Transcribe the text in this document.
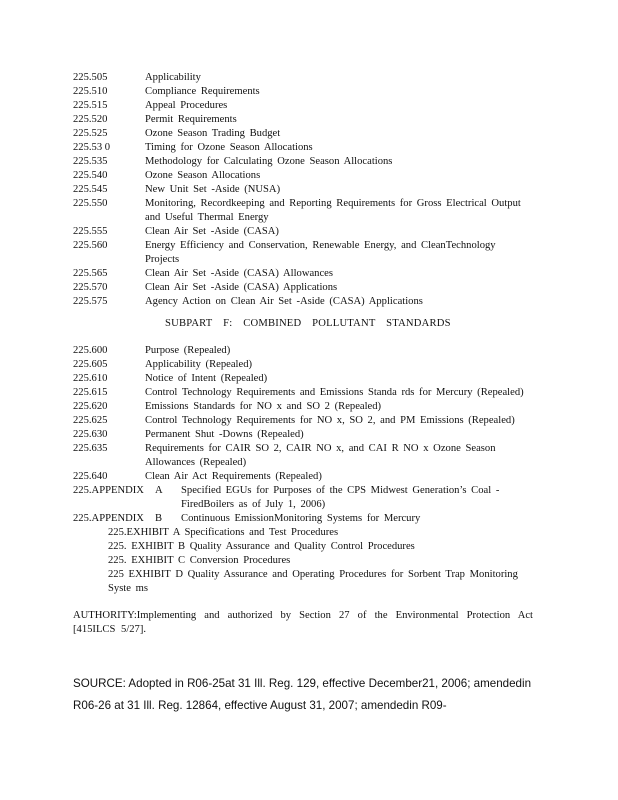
225.505	Applicability
225.510	Compliance Requirements
225.515	Appeal Procedures
225.520	Permit Requirements
225.525	Ozone Season Trading Budget
225.53 0	Timing for Ozone Season Allocations
225.535	Methodology for Calculating Ozone Season Allocations
225.540	Ozone Season Allocations
225.545	New Unit Set -Aside (NUSA)
225.550	Monitoring, Recordkeeping and Reporting Requirements for Gross Electrical Output and Useful Thermal Energy
225.555	Clean Air Set -Aside (CASA)
225.560	Energy Efficiency and Conservation, Renewable Energy, and CleanTechnology Projects
225.565	Clean Air Set -Aside (CASA) Allowances
225.570	Clean Air Set -Aside (CASA) Applications
225.575	Agency Action on Clean Air Set -Aside (CASA) Applications
SUBPART F: COMBINED POLLUTANT STANDARDS
225.600	Purpose (Repealed)
225.605	Applicability (Repealed)
225.610	Notice of Intent (Repealed)
225.615	Control Technology Requirements and Emissions Standa rds for Mercury (Repealed)
225.620	Emissions Standards for NO x and SO 2 (Repealed)
225.625	Control Technology Requirements for NO x, SO 2, and PM Emissions (Repealed)
225.630	Permanent Shut -Downs (Repealed)
225.635	Requirements for CAIR SO 2, CAIR NO x, and CAI R NO x Ozone Season Allowances (Repealed)
225.640	Clean Air Act Requirements (Repealed)
225.APPENDIX	A	Specified EGUs for Purposes of the CPS Midwest Generation’s Coal -FiredBoilers as of July 1, 2006)
225.APPENDIX	B	Continuous EmissionMonitoring Systems for Mercury
225.EXHIBIT A Specifications and Test Procedures
225. EXHIBIT B Quality Assurance and Quality Control Procedures
225. EXHIBIT C Conversion Procedures
225 EXHIBIT D Quality Assurance and Operating Procedures for Sorbent Trap Monitoring Syste ms
AUTHORITY:Implementing and authorized by Section 27 of the Environmental Protection Act [415ILCS 5/27].
SOURCE: Adopted in R06-25at 31 Ill. Reg. 129, effective December21, 2006; amendedin R06-26 at 31 Ill. Reg. 12864, effective August 31, 2007; amendedin R09-
